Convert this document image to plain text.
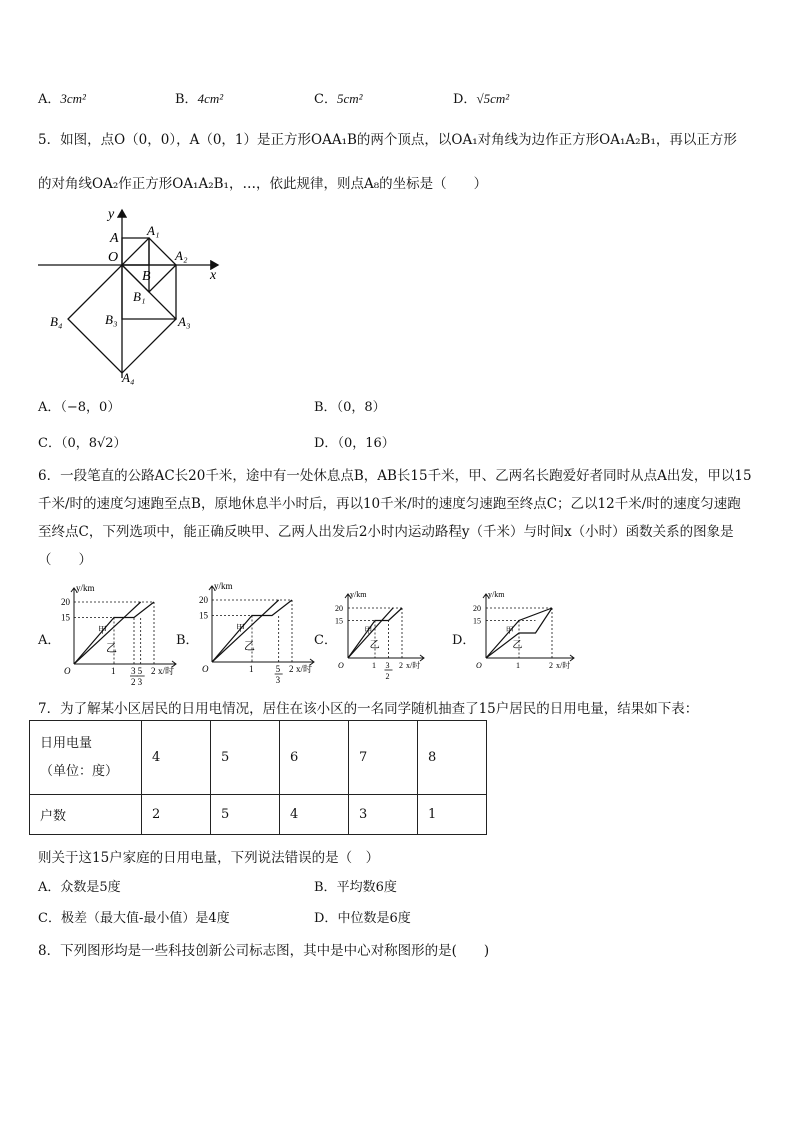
A．3cm²	B．4cm²	C．5cm²	D．√5cm²
5．如图，点O（0，0），A（0，1）是正方形OAA₁B的两个顶点，以OA₁对角线为边作正方形OA₁A₂B₁，再以正方形
的对角线OA₂作正方形OA₁A₂B₁，…，依此规律，则点A₈的坐标是（　　）
y
x
O
A
A₁
A₂
A₃
A₄
B
B₁
B₃
B₄
A．（−8，0）	B．（0，8）
C．（0，8√2）	D．（0，16）
6．一段笔直的公路AC长20千米，途中有一处休息点B，AB长15千米，甲、乙两名长跑爱好者同时从点A出发，甲以15千米/时的速度匀速跑至点B，原地休息半小时后，再以10千米/时的速度匀速跑至终点C；乙以12千米/时的速度匀速跑至终点C，下列选项中，能正确反映甲、乙两人出发后2小时内运动路程y（千米）与时间x（小时）函数关系的图象是（　　）
A．	B．	C．	D．
y/km
x/时
O
20
15
1	2
甲
乙
3
2
5
3
y/km
x/时
O
20
15
1	2
甲
乙
5
3
y/km
x/时
O
20
15
1	2
甲
乙
3
2
y/km
x/时
O
20
15
1	2
甲
乙
7．为了解某小区居民的日用电情况，居住在该小区的一名同学随机抽查了15户居民的日用电量，结果如下表：
日用电量
（单位：度）	4	5	6	7	8
户数	2	5	4	3	1
则关于这15户家庭的日用电量，下列说法错误的是（　）
A．众数是5度	B．平均数6度
C．极差（最大值-最小值）是4度	D．中位数是6度
8．下列图形均是一些科技创新公司标志图，其中是中心对称图形的是(　　)
